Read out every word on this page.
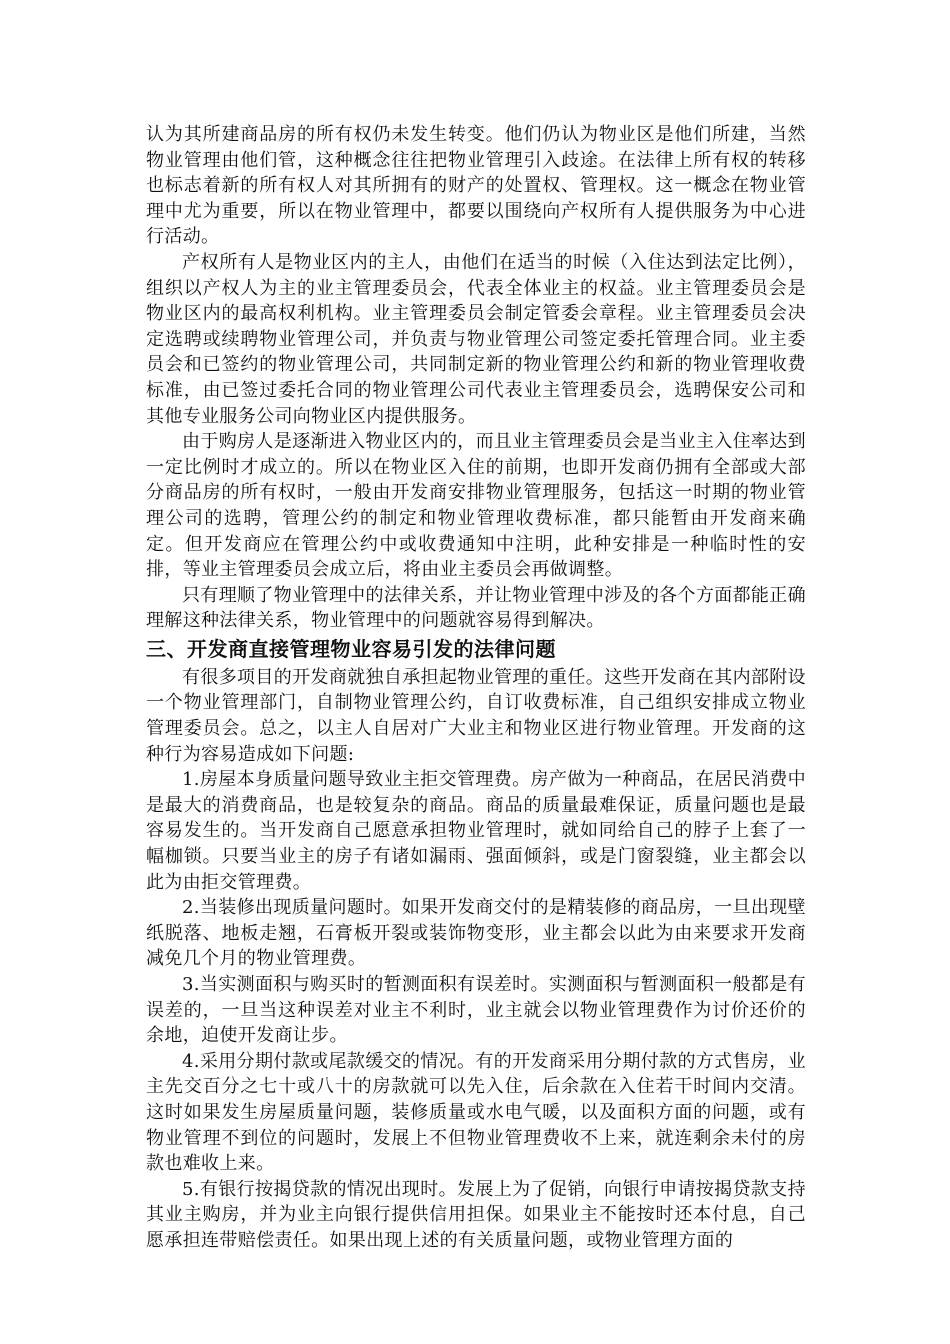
认为其所建商品房的所有权仍未发生转变。他们仍认为物业区是他们所建，当然物业管理由他们管，这种概念往往把物业管理引入歧途。在法律上所有权的转移也标志着新的所有权人对其所拥有的财产的处置权、管理权。这一概念在物业管理中尤为重要，所以在物业管理中，都要以围绕向产权所有人提供服务为中心进行活动。

产权所有人是物业区内的主人，由他们在适当的时候（入住达到法定比例），组织以产权人为主的业主管理委员会，代表全体业主的权益。业主管理委员会是物业区内的最高权利机构。业主管理委员会制定管委会章程。业主管理委员会决定选聘或续聘物业管理公司，并负责与物业管理公司签定委托管理合同。业主委员会和已签约的物业管理公司，共同制定新的物业管理公约和新的物业管理收费标准，由已签过委托合同的物业管理公司代表业主管理委员会，选聘保安公司和其他专业服务公司向物业区内提供服务。

由于购房人是逐渐进入物业区内的，而且业主管理委员会是当业主入住率达到一定比例时才成立的。所以在物业区入住的前期，也即开发商仍拥有全部或大部分商品房的所有权时，一般由开发商安排物业管理服务，包括这一时期的物业管理公司的选聘，管理公约的制定和物业管理收费标准，都只能暂由开发商来确定。但开发商应在管理公约中或收费通知中注明，此种安排是一种临时性的安排，等业主管理委员会成立后，将由业主委员会再做调整。

只有理顺了物业管理中的法律关系，并让物业管理中涉及的各个方面都能正确理解这种法律关系，物业管理中的问题就容易得到解决。

三、开发商直接管理物业容易引发的法律问题

有很多项目的开发商就独自承担起物业管理的重任。这些开发商在其内部附设一个物业管理部门，自制物业管理公约，自订收费标准，自己组织安排成立物业管理委员会。总之，以主人自居对广大业主和物业区进行物业管理。开发商的这种行为容易造成如下问题:

1.房屋本身质量问题导致业主拒交管理费。房产做为一种商品，在居民消费中是最大的消费商品，也是较复杂的商品。商品的质量最难保证，质量问题也是最容易发生的。当开发商自己愿意承担物业管理时，就如同给自己的脖子上套了一幅枷锁。只要当业主的房子有诸如漏雨、强面倾斜，或是门窗裂缝，业主都会以此为由拒交管理费。

2.当装修出现质量问题时。如果开发商交付的是精装修的商品房，一旦出现壁纸脱落、地板走翘，石膏板开裂或装饰物变形，业主都会以此为由来要求开发商减免几个月的物业管理费。

3.当实测面积与购买时的暂测面积有误差时。实测面积与暂测面积一般都是有误差的，一旦当这种误差对业主不利时，业主就会以物业管理费作为讨价还价的余地，迫使开发商让步。

4.采用分期付款或尾款缓交的情况。有的开发商采用分期付款的方式售房，业主先交百分之七十或八十的房款就可以先入住，后余款在入住若干时间内交清。这时如果发生房屋质量问题，装修质量或水电气暖，以及面积方面的问题，或有物业管理不到位的问题时，发展上不但物业管理费收不上来，就连剩余未付的房款也难收上来。

5.有银行按揭贷款的情况出现时。发展上为了促销，向银行申请按揭贷款支持其业主购房，并为业主向银行提供信用担保。如果业主不能按时还本付息，自己愿承担连带赔偿责任。如果出现上述的有关质量问题，或物业管理方面的
